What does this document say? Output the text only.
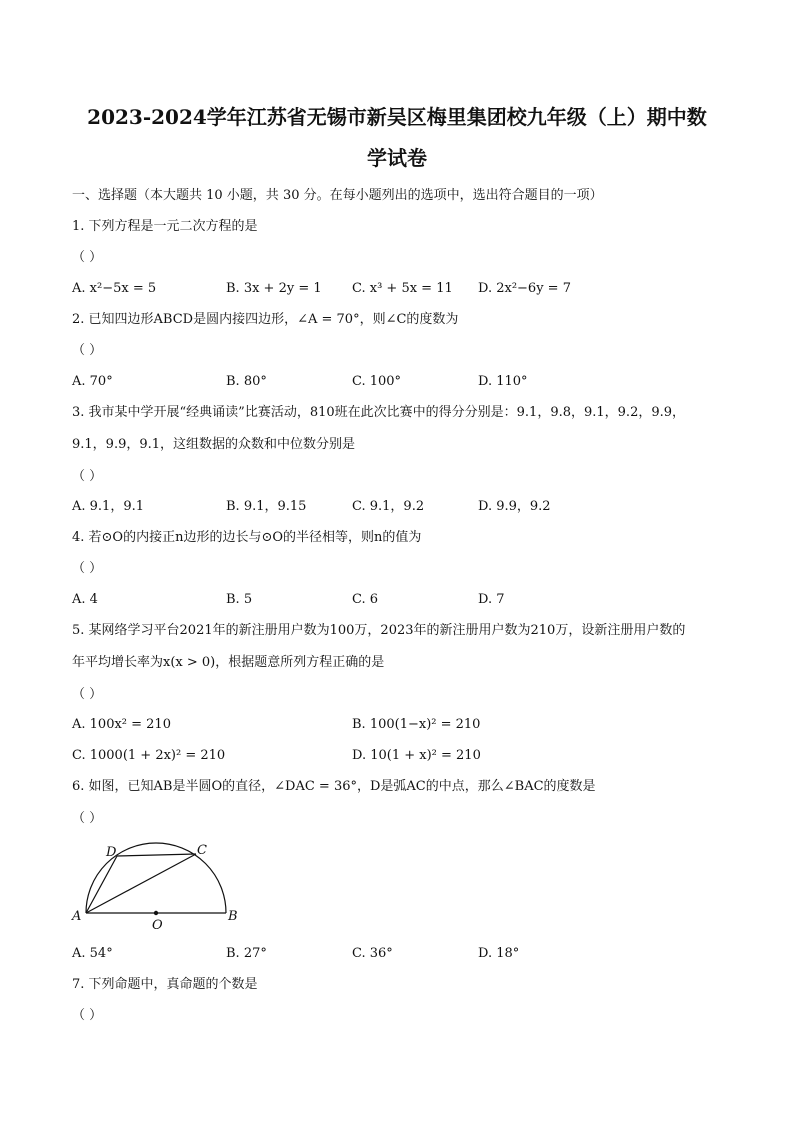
2023-2024学年江苏省无锡市新吴区梅里集团校九年级（上）期中数
学试卷
一、选择题（本大题共 10 小题，共 30 分。在每小题列出的选项中，选出符合题目的一项）
1. 下列方程是一元二次方程的是
（ ）
A. x²−5x = 5	B. 3x + 2y = 1 C. x³ + 5x = 11 D. 2x²−6y = 7
2. 已知四边形ABCD是圆内接四边形，∠A = 70°，则∠C的度数为
（ ）
A. 70°	B. 80°	C. 100°	D. 110°
3. 我市某中学开展“经典诵读”比赛活动，810班在此次比赛中的得分分别是：9.1，9.8，9.1，9.2，9.9，
9.1，9.9，9.1，这组数据的众数和中位数分别是
（ ）
A. 9.1，9.1	B. 9.1，9.15	C. 9.1，9.2	D. 9.9，9.2
4. 若⊙O的内接正n边形的边长与⊙O的半径相等，则n的值为
（ ）
A. 4	B. 5	C. 6	D. 7
5. 某网络学习平台2021年的新注册用户数为100万，2023年的新注册用户数为210万，设新注册用户数的
年平均增长率为x(x > 0)，根据题意所列方程正确的是
（ ）
A. 100x² = 210	B. 100(1−x)² = 210
C. 1000(1 + 2x)² = 210	D. 10(1 + x)² = 210
6. 如图，已知AB是半圆O的直径，∠DAC = 36°，D是弧AC的中点，那么∠BAC的度数是
（ ）
D	C
A	B
O
A. 54°	B. 27°	C. 36°	D. 18°
7. 下列命题中，真命题的个数是
（ ）
